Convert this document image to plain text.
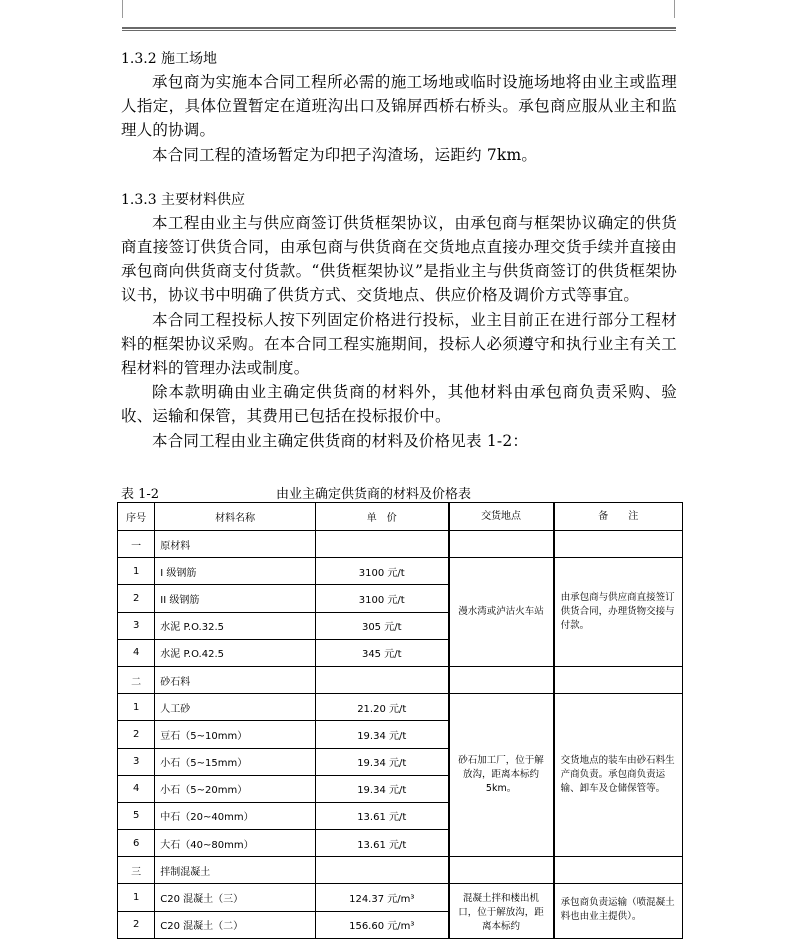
1.3.2 施工场地

承包商为实施本合同工程所必需的施工场地或临时设施场地将由业主或监理人指定，具体位置暂定在道班沟出口及锦屏西桥右桥头。承包商应服从业主和监理人的协调。

本合同工程的渣场暂定为印把子沟渣场，运距约 7km。

1.3.3 主要材料供应

本工程由业主与供应商签订供货框架协议，由承包商与框架协议确定的供货商直接签订供货合同，由承包商与供货商在交货地点直接办理交货手续并直接由承包商向供货商支付货款。“供货框架协议”是指业主与供货商签订的供货框架协议书，协议书中明确了供货方式、交货地点、供应价格及调价方式等事宜。

本合同工程投标人按下列固定价格进行投标，业主目前正在进行部分工程材料的框架协议采购。在本合同工程实施期间，投标人必须遵守和执行业主有关工程材料的管理办法或制度。

除本款明确由业主确定供货商的材料外，其他材料由承包商负责采购、验收、运输和保管，其费用已包括在投标报价中。

本合同工程由业主确定供货商的材料及价格见表 1-2：

表 1-2	由业主确定供货商的材料及价格表
序号	材料名称	单　价	交货地点	备　　注
一	原材料			
1	I 级钢筋	3100 元/t	漫水湾或泸沽火车站	由承包商与供应商直接签订供货合同，办理货物交接与付款。
2	II 级钢筋	3100 元/t		
3	水泥 P.O.32.5	305 元/t		
4	水泥 P.O.42.5	345 元/t		
二	砂石料			
1	人工砂	21.20 元/t	砂石加工厂，位于解放沟，距离本标约 5km。	交货地点的装车由砂石料生产商负责。承包商负责运输、卸车及仓储保管等。
2	豆石（5~10mm）	19.34 元/t		
3	小石（5~15mm）	19.34 元/t		
4	小石（5~20mm）	19.34 元/t		
5	中石（20~40mm）	13.61 元/t		
6	大石（40~80mm）	13.61 元/t		
三	拌制混凝土			
1	C20 混凝土（三）	124.37 元/m³	混凝土拌和楼出机口，位于解放沟，距离本标约	承包商负责运输（喷混凝土料也由业主提供）。
2	C20 混凝土（二）	156.60 元/m³		
